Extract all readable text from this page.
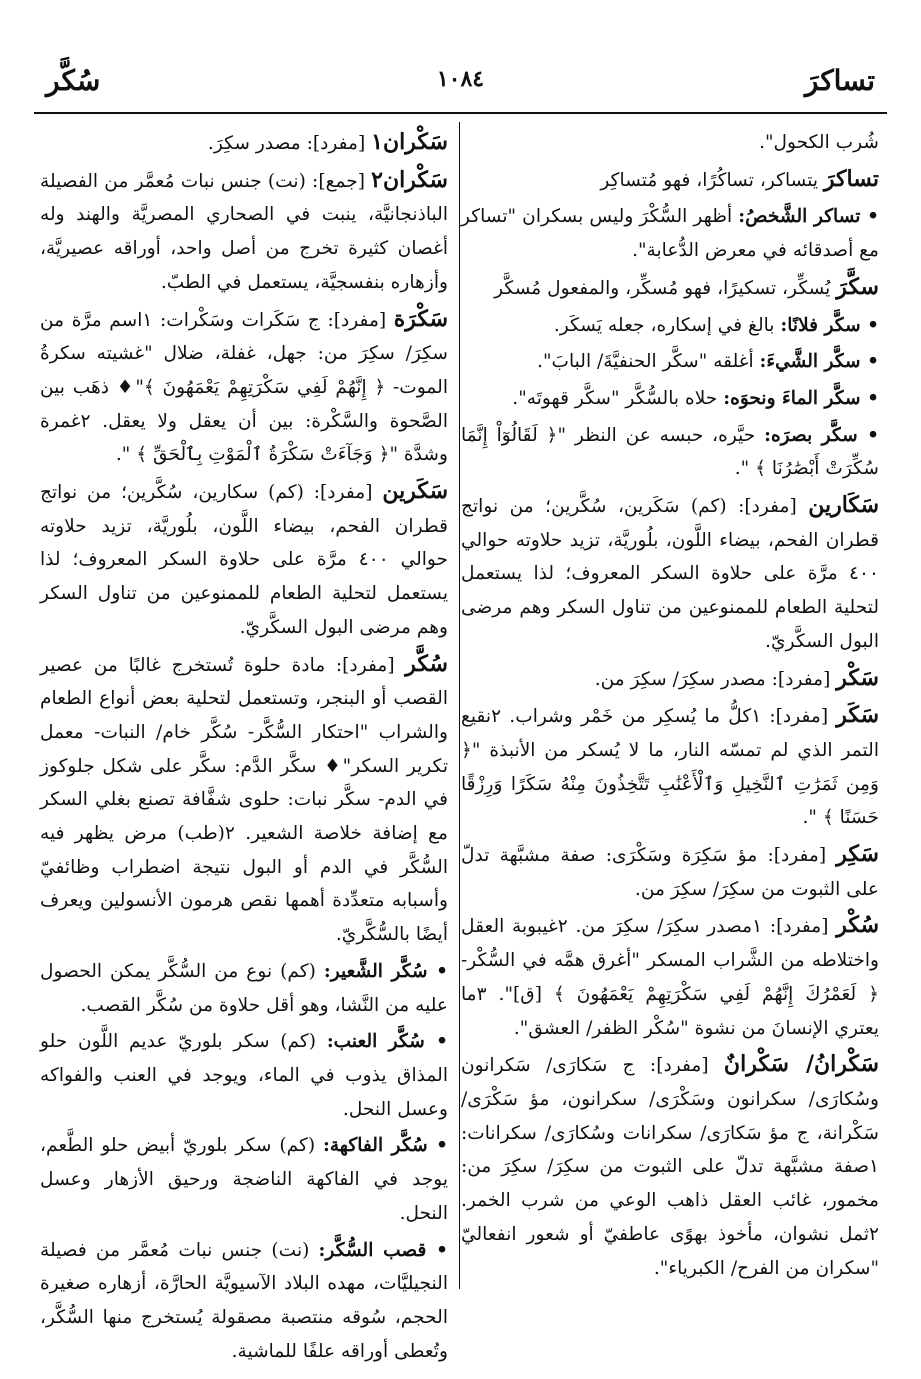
تساكرَ
١٠٨٤
سُكَّر

شُرب الكحول".

تساكرَ يتساكر، تساكُرًا، فهو مُتساكِر

• تساكر الشَّخصُ: أظهر السُّكْرَ وليس بسكران "تساكر مع أصدقائه في معرض الدُّعابة".

سكَّرَ يُسكِّر، تسكيرًا، فهو مُسكِّر، والمفعول مُسكَّر

• سكَّر فلانًا: بالغ في إسكاره، جعله يَسكَر.

• سكَّر الشَّيءَ: أغلقه "سكَّر الحنفيَّةَ/ البابَ".

• سكَّر الماءَ ونحوَه: حلاه بالسُّكَّر "سكَّر قهوتَه".

• سكَّر بصرَه: حيَّره، حبسه عن النظر "﴿ لَقَالُوٓاْ إِنَّمَا سُكِّرَتْ أَبْصَٰرُنَا ﴾ ".

سَكَارين [مفرد]: (كم) سَكَرين، سُكَّرين؛ من نواتج قطران الفحم، بيضاء اللَّون، بلُوريَّة، تزيد حلاوته حوالي ٤٠٠ مرَّة على حلاوة السكر المعروف؛ لذا يستعمل لتحلية الطعام للممنوعين من تناول السكر وهم مرضى البول السكَّريّ.

سَكْر [مفرد]: مصدر سكِرَ/ سكِرَ من.

سَكَر [مفرد]: ١كلُّ ما يُسكِر من خَمْر وشراب. ٢نقيع التمر الذي لم تمسّه النار، ما لا يُسكر من الأنبذة "﴿ وَمِن ثَمَرَٰتِ ٱلنَّخِيلِ وَٱلْأَعْنَٰبِ تَتَّخِذُونَ مِنْهُ سَكَرًا وَرِزْقًا حَسَنًا ﴾ ".

سَكِر [مفرد]: مؤ سَكِرَة وسَكْرَى: صفة مشبَّهة تدلّ على الثبوت من سكِرَ/ سكِرَ من.

سُكْر [مفرد]: ١مصدر سكِرَ/ سكِرَ من. ٢غيبوبة العقل واختلاطه من الشَّراب المسكر "أغرق همَّه في السُّكْر- ﴿ لَعَمْرُكَ إِنَّهُمْ لَفِي سَكْرَتِهِمْ يَعْمَهُونَ ﴾ [ق]". ٣ما يعتري الإنسانَ من نشوة "سُكْر الظفر/ العشق".

سَكْرانُ/ سَكْرانٌ [مفرد]: ج سَكارَى/ سَكرانون وسُكارَى/ سكرانون وسَكْرَى/ سكرانون، مؤ سَكْرَى/ سَكْرانة، ج مؤ سَكارَى/ سكرانات وسُكارَى/ سكرانات: ١صفة مشبَّهة تدلّ على الثبوت من سكِرَ/ سكِرَ من: مخمور، غائب العقل ذاهب الوعي من شرب الخمر. ٢ثمل نشوان، مأخوذ بهوًى عاطفيّ أو شعور انفعاليّ "سكران من الفرح/ الكبرياء".

سَكْران١ [مفرد]: مصدر سكِرَ.

سَكْران٢ [جمع]: (نت) جنس نبات مُعمَّر من الفصيلة الباذنجانيَّة، ينبت في الصحاري المصريَّة والهند وله أغصان كثيرة تخرج من أصل واحد، أوراقه عصيريَّة، وأزهاره بنفسجيَّة، يستعمل في الطبّ.

سَكْرَة [مفرد]: ج سَكَرات وسَكْرات: ١اسم مرَّة من سكِرَ/ سكِرَ من: جهل، غفلة، ضلال "غشيته سكرةُ الموت- ﴿ إِنَّهُمْ لَفِي سَكْرَتِهِمْ يَعْمَهُونَ ﴾"♦ ذهَب بين الصَّحوة والسَّكْرة: بين أن يعقل ولا يعقل. ٢غمرة وشدَّة "﴿ وَجَآءَتْ سَكْرَةُ ٱلْمَوْتِ بِٱلْحَقِّ ﴾ ".

سَكَرين [مفرد]: (كم) سكارين، سُكَّرين؛ من نواتج قطران الفحم، بيضاء اللَّون، بلُوريَّة، تزيد حلاوته حوالي ٤٠٠ مرَّة على حلاوة السكر المعروف؛ لذا يستعمل لتحلية الطعام للممنوعين من تناول السكر وهم مرضى البول السكَّريّ.

سُكَّر [مفرد]: مادة حلوة تُستخرج غالبًا من عصير القصب أو البنجر، وتستعمل لتحلية بعض أنواع الطعام والشراب "احتكار السُّكَّر- سُكَّر خام/ النبات- معمل تكرير السكر"♦ سكَّر الدَّم: سكَّر على شكل جلوكوز في الدم- سكَّر نبات: حلوى شفَّافة تصنع بغلي السكر مع إضافة خلاصة الشعير. ٢(طب) مرض يظهر فيه السُّكَّر في الدم أو البول نتيجة اضطراب وظائفيّ وأسبابه متعدِّدة أهمها نقص هرمون الأنسولين ويعرف أيضًا بالسُّكَّريّ.

• سُكَّر الشَّعير: (كم) نوع من السُّكَّر يمكن الحصول عليه من النَّشا، وهو أقل حلاوة من سُكَّر القصب.

• سُكَّر العنب: (كم) سكر بلوريّ عديم اللَّون حلو المذاق يذوب في الماء، ويوجد في العنب والفواكه وعسل النحل.

• سُكَّر الفاكهة: (كم) سكر بلوريّ أبيض حلو الطَّعم، يوجد في الفاكهة الناضجة ورحيق الأزهار وعسل النحل.

• قصب السُّكَّر: (نت) جنس نبات مُعمَّر من فصيلة النجيليَّات، مهده البلاد الآسيويَّة الحارَّة، أزهاره صغيرة الحجم، سُوقه منتصبة مصقولة يُستخرج منها السُّكَّر، وتُعطى أوراقه علفًا للماشية.
